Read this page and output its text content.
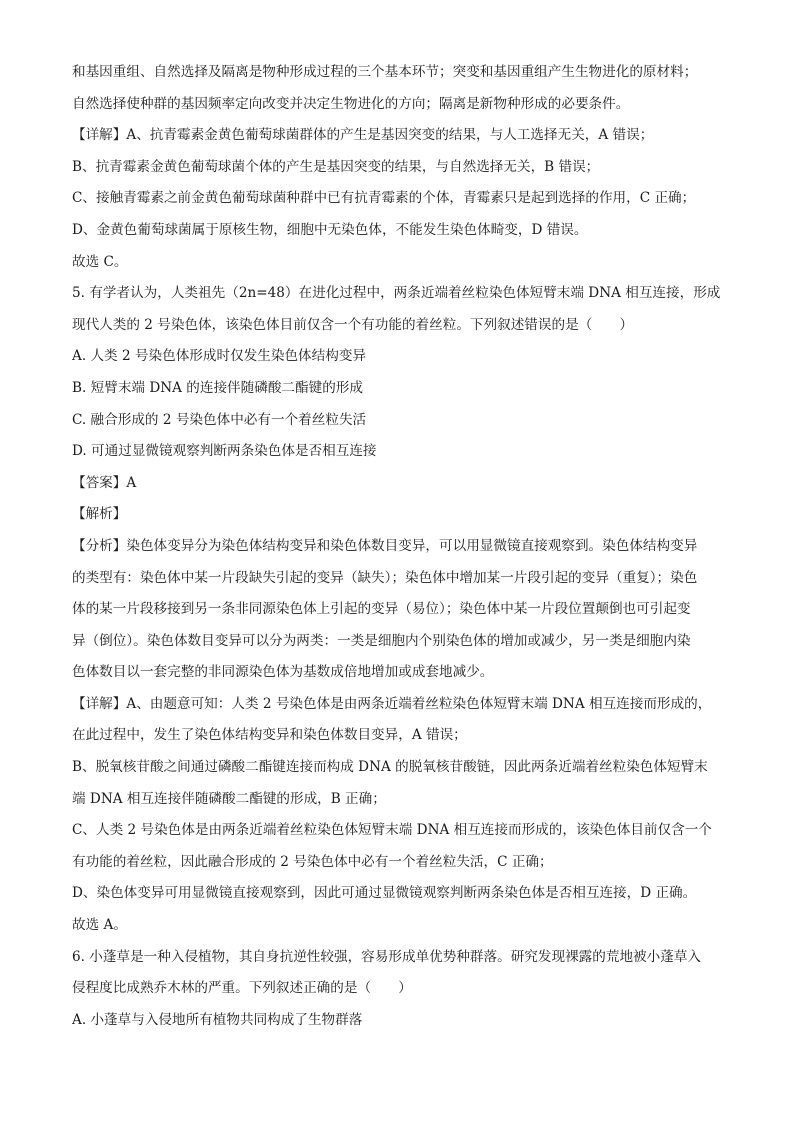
和基因重组、自然选择及隔离是物种形成过程的三个基本环节；突变和基因重组产生生物进化的原材料；

自然选择使种群的基因频率定向改变并决定生物进化的方向；隔离是新物种形成的必要条件。

【详解】A、抗青霉素金黄色葡萄球菌群体的产生是基因突变的结果，与人工选择无关，A 错误；

B、抗青霉素金黄色葡萄球菌个体的产生是基因突变的结果，与自然选择无关，B 错误；

C、接触青霉素之前金黄色葡萄球菌种群中已有抗青霉素的个体，青霉素只是起到选择的作用，C 正确；

D、金黄色葡萄球菌属于原核生物，细胞中无染色体，不能发生染色体畸变，D 错误。

故选 C。

5. 有学者认为，人类祖先（2n=48）在进化过程中，两条近端着丝粒染色体短臂末端 DNA 相互连接，形成

现代人类的 2 号染色体，该染色体目前仅含一个有功能的着丝粒。下列叙述错误的是（　　）

A. 人类 2 号染色体形成时仅发生染色体结构变异

B. 短臂末端 DNA 的连接伴随磷酸二酯键的形成

C. 融合形成的 2 号染色体中必有一个着丝粒失活

D. 可通过显微镜观察判断两条染色体是否相互连接

【答案】A

【解析】

【分析】染色体变异分为染色体结构变异和染色体数目变异，可以用显微镜直接观察到。染色体结构变异

的类型有：染色体中某一片段缺失引起的变异（缺失）；染色体中增加某一片段引起的变异（重复）；染色

体的某一片段移接到另一条非同源染色体上引起的变异（易位）；染色体中某一片段位置颠倒也可引起变

异（倒位）。染色体数目变异可以分为两类：一类是细胞内个别染色体的增加或减少，另一类是细胞内染

色体数目以一套完整的非同源染色体为基数成倍地增加或成套地减少。

【详解】A、由题意可知：人类 2 号染色体是由两条近端着丝粒染色体短臂末端 DNA 相互连接而形成的，

在此过程中，发生了染色体结构变异和染色体数目变异，A 错误；

B、脱氧核苷酸之间通过磷酸二酯键连接而构成 DNA 的脱氧核苷酸链，因此两条近端着丝粒染色体短臂末

端 DNA 相互连接伴随磷酸二酯键的形成，B 正确；

C、人类 2 号染色体是由两条近端着丝粒染色体短臂末端 DNA 相互连接而形成的，该染色体目前仅含一个

有功能的着丝粒，因此融合形成的 2 号染色体中必有一个着丝粒失活，C 正确；

D、染色体变异可用显微镜直接观察到，因此可通过显微镜观察判断两条染色体是否相互连接，D 正确。

故选 A。

6. 小蓬草是一种入侵植物，其自身抗逆性较强，容易形成单优势种群落。研究发现裸露的荒地被小蓬草入

侵程度比成熟乔木林的严重。下列叙述正确的是（　　）

A. 小蓬草与入侵地所有植物共同构成了生物群落
